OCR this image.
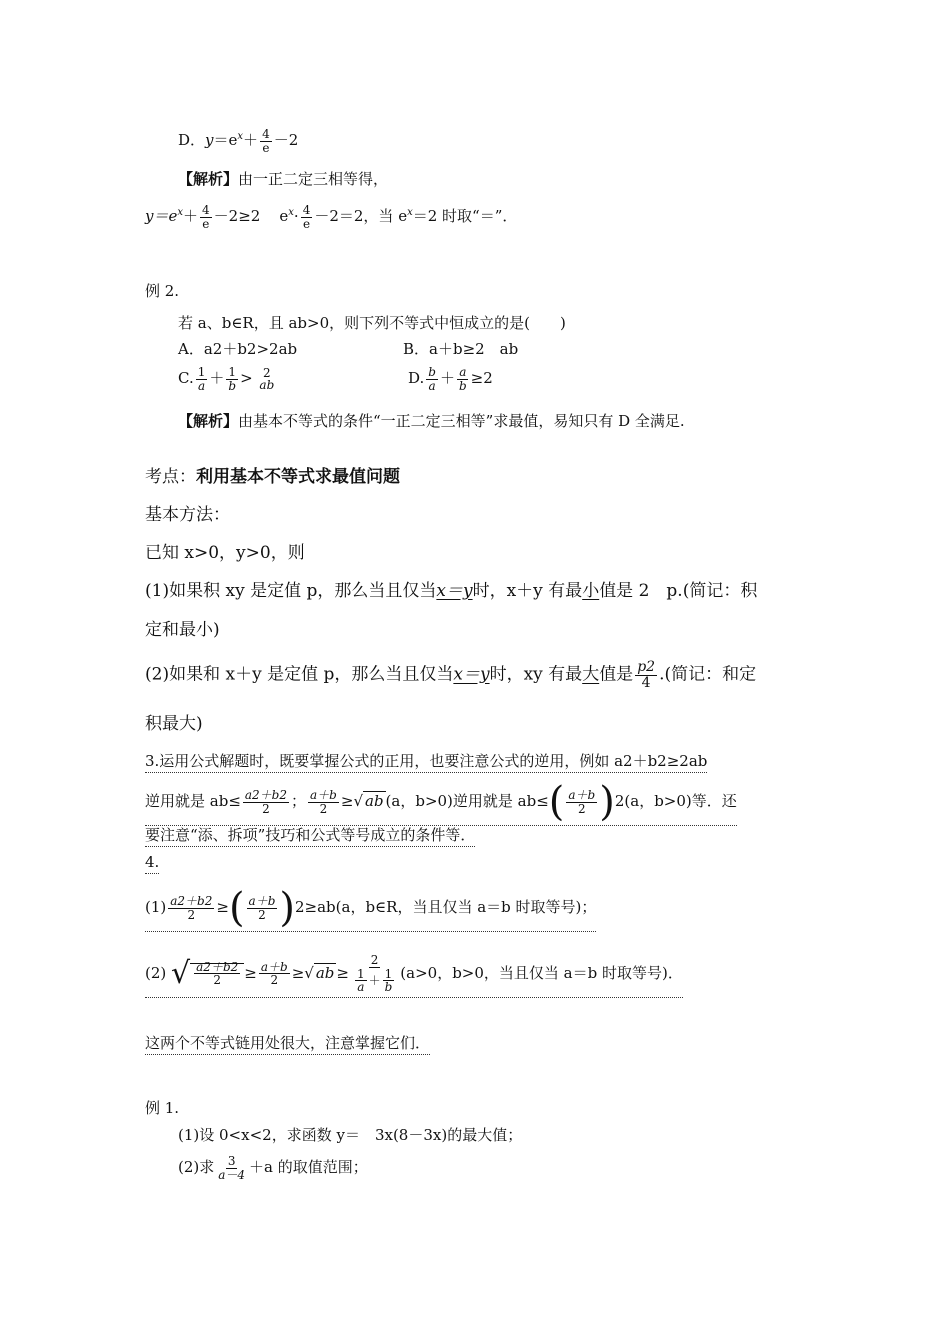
D．$y=e^x+ \frac{4}{e} -2$
【解析】由一正二定三相等得，
$y=e^x+ \frac{4}{e} -2\ge 2$ $e^x\cdot \frac{4}{e} -2=2$，当 $e^x=2$ 时取“＝”．
例 2.
若 a、b∈R，且 ab>0，则下列不等式中恒成立的是(　　)
A．a2＋b2>2ab	B．a＋b≥2　ab
C. $\frac{1}{a} + \frac{1}{b} > 2$
ab	D. $\frac{b}{a} + \frac{a}{b} \ge 2$
【解析】由基本不等式的条件“一正二定三相等”求最值，易知只有 D 全满足.
考点：利用基本不等式求最值问题
基本方法：
已知 x>0，y>0，则
(1)如果积 xy 是定值 p，那么当且仅当x＝y时，x＋y 有最小值是 2　p.(简记：积
定和最小)
(2)如果和 x＋y 是定值 p，那么当且仅当x＝y时，xy 有最大值是 $\frac{p2}{4}$ .(简记：和定
积最大)
3.运用公式解题时，既要掌握公式的正用，也要注意公式的逆用，例如 a2＋b2≥2ab
逆用就是 $ab\le \frac{a2+b2}{2}$ ； $\frac{a+b}{2}$ ≥√ ab (a，b>0)逆用就是 $ab\le( \frac{a+b}{2} )2(a$，b>0)等．还
要注意“添、拆项”技巧和公式等号成立的条件等．
4.
$(1) \frac{a2+b2}{2}$ ≥( $\frac{a+b}{2} )2\ge ab(a$，b∈R，当且仅当 a＝b 时取等号)；
(2) √ $\frac{a2+b2}{2} \ge \frac{a+b}{2}$ ≥√ ab ≥ $\frac{2}{\frac{1}{a} + \frac{1}{b}} (a>0$，b>0，当且仅当 a＝b 时取等号)．
这两个不等式链用处很大，注意掌握它们．
例 1.
(1)设 0<x<2，求函数 y＝　3x(8－3x)的最大值；
(2)求 $\frac{3}{a-4} +a$ 的取值范围；
